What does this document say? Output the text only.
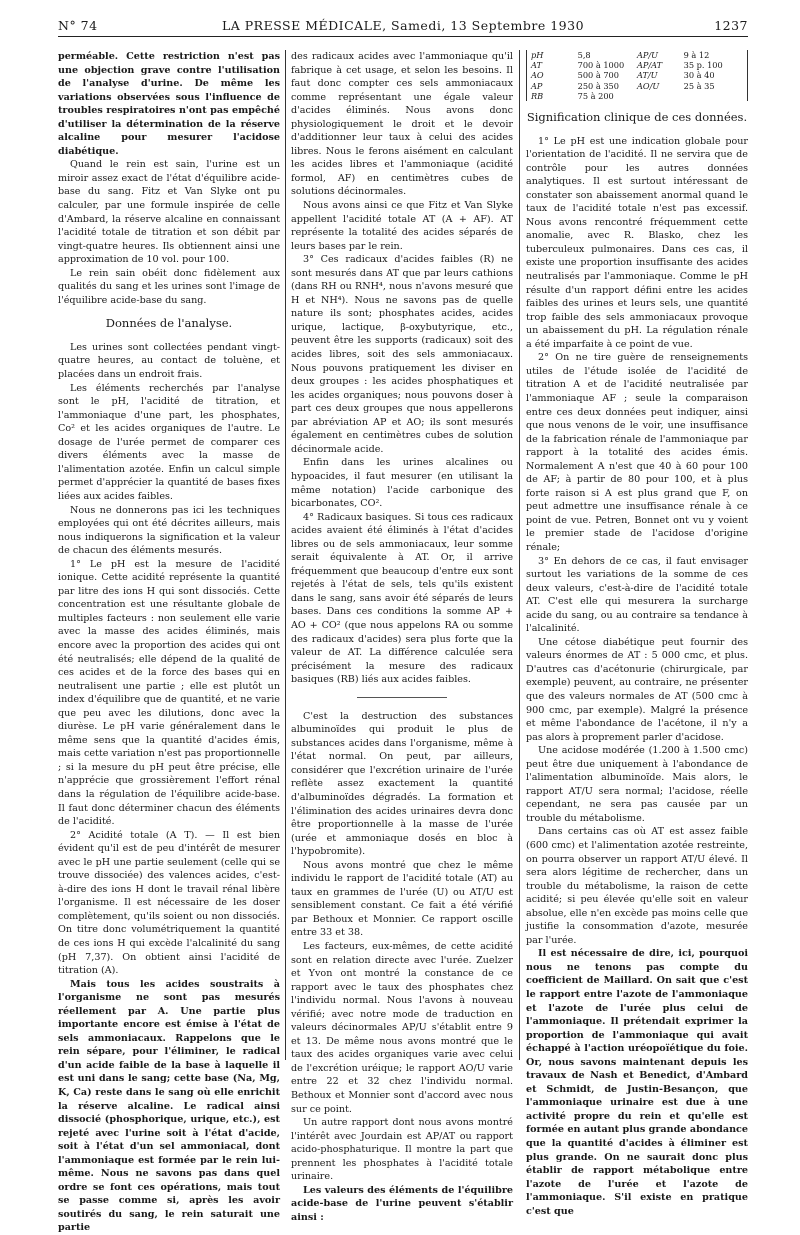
N° 74	LA PRESSE MÉDICALE, Samedi, 13 Septembre 1930	1237

perméable. Cette restriction n'est pas une objection grave contre l'utilisation de l'analyse d'urine. De même les variations observées sous l'influence de troubles respiratoires n'ont pas empêché d'utiliser la détermination de la réserve alcaline pour mesurer l'acidose diabétique.

Quand le rein est sain, l'urine est un miroir assez exact de l'état d'équilibre acide-base du sang. Fitz et Van Slyke ont pu calculer, par une formule inspirée de celle d'Ambard, la réserve alcaline en connaissant l'acidité totale de titration et son débit par vingt-quatre heures. Ils obtiennent ainsi une approximation de 10 vol. pour 100.

Le rein sain obéit donc fidèlement aux qualités du sang et les urines sont l'image de l'équilibre acide-base du sang.

Données de l'analyse.

Les urines sont collectées pendant vingt-quatre heures, au contact de toluène, et placées dans un endroit frais.

Les éléments recherchés par l'analyse sont le pH, l'acidité de titration, et l'ammoniaque d'une part, les phosphates, Co² et les acides organiques de l'autre. Le dosage de l'urée permet de comparer ces divers éléments avec la masse de l'alimentation azotée. Enfin un calcul simple permet d'apprécier la quantité de bases fixes liées aux acides faibles.

Nous ne donnerons pas ici les techniques employées qui ont été décrites ailleurs, mais nous indiquerons la signification et la valeur de chacun des éléments mesurés.

1° Le pH est la mesure de l'acidité ionique. Cette acidité représente la quantité par litre des ions H qui sont dissociés. Cette concentration est une résultante globale de multiples facteurs : non seulement elle varie avec la masse des acides éliminés, mais encore avec la proportion des acides qui ont été neutralisés; elle dépend de la qualité de ces acides et de la force des bases qui en neutralisent une partie ; elle est plutôt un index d'équilibre que de quantité, et ne varie que peu avec les dilutions, donc avec la diurèse. Le pH varie généralement dans le même sens que la quantité d'acides émis, mais cette variation n'est pas proportionnelle ; si la mesure du pH peut être précise, elle n'apprécie que grossièrement l'effort rénal dans la régulation de l'équilibre acide-base. Il faut donc déterminer chacun des éléments de l'acidité.

2° Acidité totale (A T). — Il est bien évident qu'il est de peu d'intérêt de mesurer avec le pH une partie seulement (celle qui se trouve dissociée) des valences acides, c'est-à-dire des ions H dont le travail rénal libère l'organisme. Il est nécessaire de les doser complètement, qu'ils soient ou non dissociés. On titre donc volumétriquement la quantité de ces ions H qui excède l'alcalinité du sang (pH 7,37). On obtient ainsi l'acidité de titration (A).

Mais tous les acides soustraits à l'organisme ne sont pas mesurés réellement par A. Une partie plus importante encore est émise à l'état de sels ammoniacaux. Rappelons que le rein sépare, pour l'éliminer, le radical d'un acide faible de la base à laquelle il est uni dans le sang; cette base (Na, Mg, K, Ca) reste dans le sang où elle enrichit la réserve alcaline. Le radical ainsi dissocié (phosphorique, urique, etc.), est rejeté avec l'urine soit à l'état d'acide, soit à l'état d'un sel ammoniacal, dont l'ammoniaque est formée par le rein lui-même. Nous ne savons pas dans quel ordre se font ces opérations, mais tout se passe comme si, après les avoir soutirés du sang, le rein saturait une partie

des radicaux acides avec l'ammoniaque qu'il fabrique à cet usage, et selon les besoins. Il faut donc compter ces sels ammoniacaux comme représentant une égale valeur d'acides éliminés. Nous avons donc physiologiquement le droit et le devoir d'additionner leur taux à celui des acides libres. Nous le ferons aisément en calculant les acides libres et l'ammoniaque (acidité formol, AF) en centimètres cubes de solutions décinormales.

Nous avons ainsi ce que Fitz et Van Slyke appellent l'acidité totale AT (A + AF). AT représente la totalité des acides séparés de leurs bases par le rein.

3° Ces radicaux d'acides faibles (R) ne sont mesurés dans AT que par leurs cathions (dans RH ou RNH⁴, nous n'avons mesuré que H et NH⁴). Nous ne savons pas de quelle nature ils sont; phosphates acides, acides urique, lactique, β-oxybutyrique, etc., peuvent être les supports (radicaux) soit des acides libres, soit des sels ammoniacaux. Nous pouvons pratiquement les diviser en deux groupes : les acides phosphatiques et les acides organiques; nous pouvons doser à part ces deux groupes que nous appellerons par abréviation AP et AO; ils sont mesurés également en centimètres cubes de solution décinormale acide.

Enfin dans les urines alcalines ou hypoacides, il faut mesurer (en utilisant la même notation) l'acide carbonique des bicarbonates, CO².

4° Radicaux basiques. Si tous ces radicaux acides avaient été éliminés à l'état d'acides libres ou de sels ammoniacaux, leur somme serait équivalente à AT. Or, il arrive fréquemment que beaucoup d'entre eux sont rejetés à l'état de sels, tels qu'ils existent dans le sang, sans avoir été séparés de leurs bases. Dans ces conditions la somme AP + AO + CO² (que nous appelons RA ou somme des radicaux d'acides) sera plus forte que la valeur de AT. La différence calculée sera précisément la mesure des radicaux basiques (RB) liés aux acides faibles.

C'est la destruction des substances albuminoïdes qui produit le plus de substances acides dans l'organisme, même à l'état normal. On peut, par ailleurs, considérer que l'excrétion urinaire de l'urée reflète assez exactement la quantité d'albuminoïdes dégradés. La formation et l'élimination des acides urinaires devra donc être proportionnelle à la masse de l'urée (urée et ammoniaque dosés en bloc à l'hypobromite).

Nous avons montré que chez le même individu le rapport de l'acidité totale (AT) au taux en grammes de l'urée (U) ou AT/U est sensiblement constant. Ce fait a été vérifié par Bethoux et Monnier. Ce rapport oscille entre 33 et 38.

Les facteurs, eux-mêmes, de cette acidité sont en relation directe avec l'urée. Zuelzer et Yvon ont montré la constance de ce rapport avec le taux des phosphates chez l'individu normal. Nous l'avons à nouveau vérifié; avec notre mode de traduction en valeurs décinormales AP/U s'établit entre 9 et 13. De même nous avons montré que le taux des acides organiques varie avec celui de l'excrétion uréique; le rapport AO/U varie entre 22 et 32 chez l'individu normal. Bethoux et Monnier sont d'accord avec nous sur ce point.

Un autre rapport dont nous avons montré l'intérêt avec Jourdain est AP/AT ou rapport acido-phosphaturique. Il montre la part que prennent les phosphates à l'acidité totale urinaire.

Les valeurs des éléments de l'équilibre acide-base de l'urine peuvent s'établir ainsi :

pH	5,8	AP/U	9 à 12
AT	700 à 1000	AP/AT	35 p. 100
AO	500 à 700	AT/U	30 à 40
AP	250 à 350	AO/U	25 à 35
RB	75 à 200		
Signification clinique de ces données.

1° Le pH est une indication globale pour l'orientation de l'acidité. Il ne servira que de contrôle pour les autres données analytiques. Il est surtout intéressant de constater son abaissement anormal quand le taux de l'acidité totale n'est pas excessif. Nous avons rencontré fréquemment cette anomalie, avec R. Blasko, chez les tuberculeux pulmonaires. Dans ces cas, il existe une proportion insuffisante des acides neutralisés par l'ammoniaque. Comme le pH résulte d'un rapport défini entre les acides faibles des urines et leurs sels, une quantité trop faible des sels ammoniacaux provoque un abaissement du pH. La régulation rénale a été imparfaite à ce point de vue.

2° On ne tire guère de renseignements utiles de l'étude isolée de l'acidité de titration A et de l'acidité neutralisée par l'ammoniaque AF ; seule la comparaison entre ces deux données peut indiquer, ainsi que nous venons de le voir, une insuffisance de la fabrication rénale de l'ammoniaque par rapport à la totalité des acides émis. Normalement A n'est que 40 à 60 pour 100 de AF; à partir de 80 pour 100, et à plus forte raison si A est plus grand que F, on peut admettre une insuffisance rénale à ce point de vue. Petren, Bonnet ont vu y voient le premier stade de l'acidose d'origine rénale;

3° En dehors de ce cas, il faut envisager surtout les variations de la somme de ces deux valeurs, c'est-à-dire de l'acidité totale AT. C'est elle qui mesurera la surcharge acide du sang, ou au contraire sa tendance à l'alcalinité.

Une cétose diabétique peut fournir des valeurs énormes de AT : 5 000 cmc, et plus. D'autres cas d'acétonurie (chirurgicale, par exemple) peuvent, au contraire, ne présenter que des valeurs normales de AT (500 cmc à 900 cmc, par exemple). Malgré la présence et même l'abondance de l'acétone, il n'y a pas alors à proprement parler d'acidose.

Une acidose modérée (1.200 à 1.500 cmc) peut être due uniquement à l'abondance de l'alimentation albuminoïde. Mais alors, le rapport AT/U sera normal; l'acidose, réelle cependant, ne sera pas causée par un trouble du métabolisme.

Dans certains cas où AT est assez faible (600 cmc) et l'alimentation azotée restreinte, on pourra observer un rapport AT/U élevé. Il sera alors légitime de rechercher, dans un trouble du métabolisme, la raison de cette acidité; si peu élevée qu'elle soit en valeur absolue, elle n'en excède pas moins celle que justifie la consommation d'azote, mesurée par l'urée.

Il est nécessaire de dire, ici, pourquoi nous ne tenons pas compte du coefficient de Maillard. On sait que c'est le rapport entre l'azote de l'ammoniaque et l'azote de l'urée plus celui de l'ammoniaque. Il prétendait exprimer la proportion de l'ammoniaque qui avait échappé à l'action uréopoïétique du foie. Or, nous savons maintenant depuis les travaux de Nash et Benedict, d'Ambard et Schmidt, de Justin-Besançon, que l'ammoniaque urinaire est due à une activité propre du rein et qu'elle est formée en autant plus grande abondance que la quantité d'acides à éliminer est plus grande. On ne saurait donc plus établir de rapport métabolique entre l'azote de l'urée et l'azote de l'ammoniaque. S'il existe en pratique c'est que
